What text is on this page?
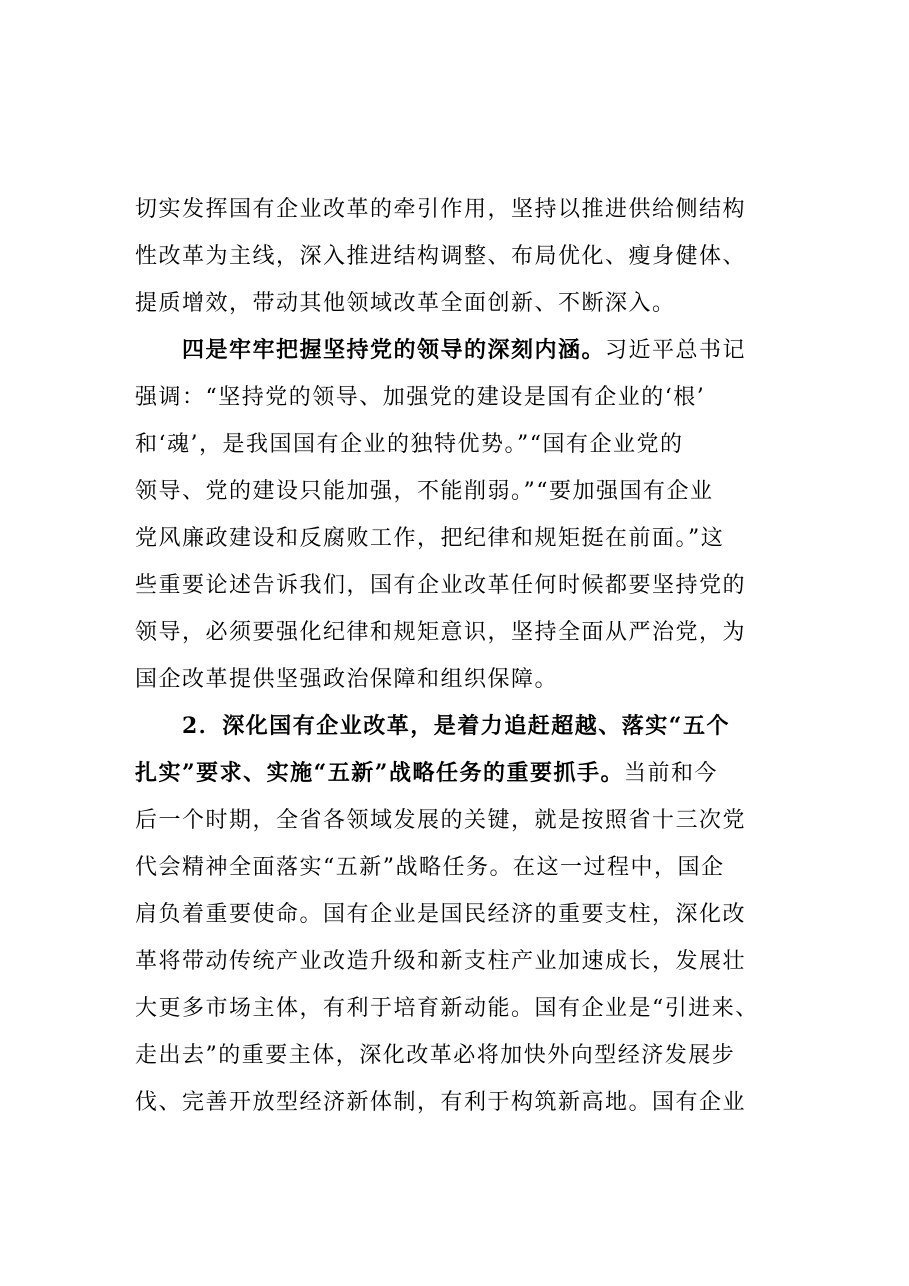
切实发挥国有企业改革的牵引作用，坚持以推进供给侧结构
性改革为主线，深入推进结构调整、布局优化、瘦身健体、
提质增效，带动其他领域改革全面创新、不断深入。

四是牢牢把握坚持党的领导的深刻内涵。习近平总书记
强调：“坚持党的领导、加强党的建设是国有企业的‘根’
和‘魂’，是我国国有企业的独特优势。”“国有企业党的
领导、党的建设只能加强，不能削弱。”“要加强国有企业
党风廉政建设和反腐败工作，把纪律和规矩挺在前面。”这
些重要论述告诉我们，国有企业改革任何时候都要坚持党的
领导，必须要强化纪律和规矩意识，坚持全面从严治党，为
国企改革提供坚强政治保障和组织保障。

2．深化国有企业改革，是着力追赶超越、落实“五个
扎实”要求、实施“五新”战略任务的重要抓手。当前和今
后一个时期，全省各领域发展的关键，就是按照省十三次党
代会精神全面落实“五新”战略任务。在这一过程中，国企
肩负着重要使命。国有企业是国民经济的重要支柱，深化改
革将带动传统产业改造升级和新支柱产业加速成长，发展壮
大更多市场主体，有利于培育新动能。国有企业是“引进来、
走出去”的重要主体，深化改革必将加快外向型经济发展步
伐、完善开放型经济新体制，有利于构筑新高地。国有企业
